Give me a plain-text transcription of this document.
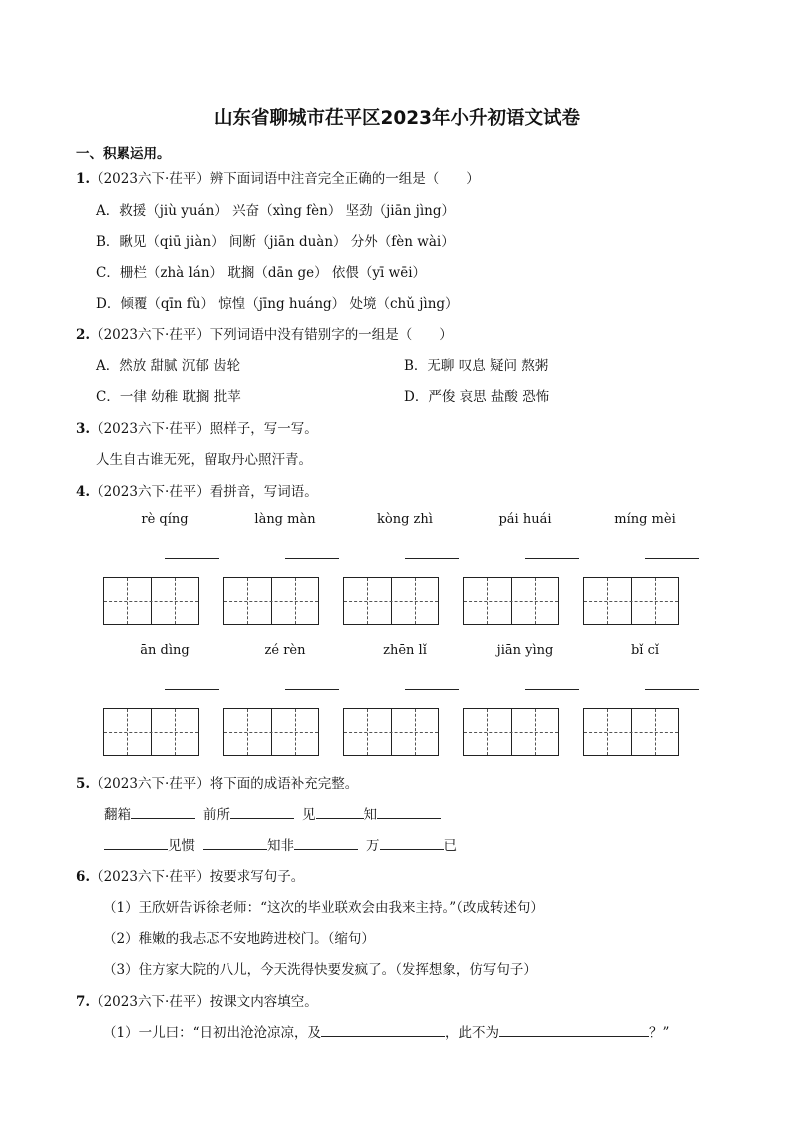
山东省聊城市茌平区2023年小升初语文试卷
一、积累运用。
1.（2023六下·茌平）辨下面词语中注音完全正确的一组是（　　）
A．救援（jiù yuán） 兴奋（xìng fèn） 坚劲（jiān jìng）
B．瞅见（qiū jiàn） 间断（jiān duàn） 分外（fèn wài）
C．栅栏（zhà lán） 耽搁（dān ge） 依偎（yī wēi）
D．倾覆（qīn fù） 惊惶（jīng huáng） 处境（chǔ jìng）
2.（2023六下·茌平）下列词语中没有错别字的一组是（　　）
A．然放 甜腻 沉郁 齿轮	B．无聊 叹息 疑问 熬粥
C．一律 幼稚 耽搁 批苹	D．严俊 哀思 盐酸 恐怖
3.（2023六下·茌平）照样子，写一写。
人生自古谁无死，留取丹心照汗青。
4.（2023六下·茌平）看拼音，写词语。
rè qíng	làng màn	kòng zhì	pái huái	míng mèi
ān dìng	zé rèn	zhēn lǐ	jiān yìng	bǐ cǐ
5.（2023六下·茌平）将下面的成语补充完整。
翻箱	前所	见	知
见惯	知非	万	已
6.（2023六下·茌平）按要求写句子。
（1）王欣妍告诉徐老师：“这次的毕业联欢会由我来主持。”（改成转述句）
（2）稚嫩的我忐忑不安地跨进校门。（缩句）
（3）住方家大院的八儿，今天洗得快要发疯了。（发挥想象，仿写句子）
7.（2023六下·茌平）按课文内容填空。
（1）一儿曰：“日初出沧沧凉凉，及	，此不为	？”
